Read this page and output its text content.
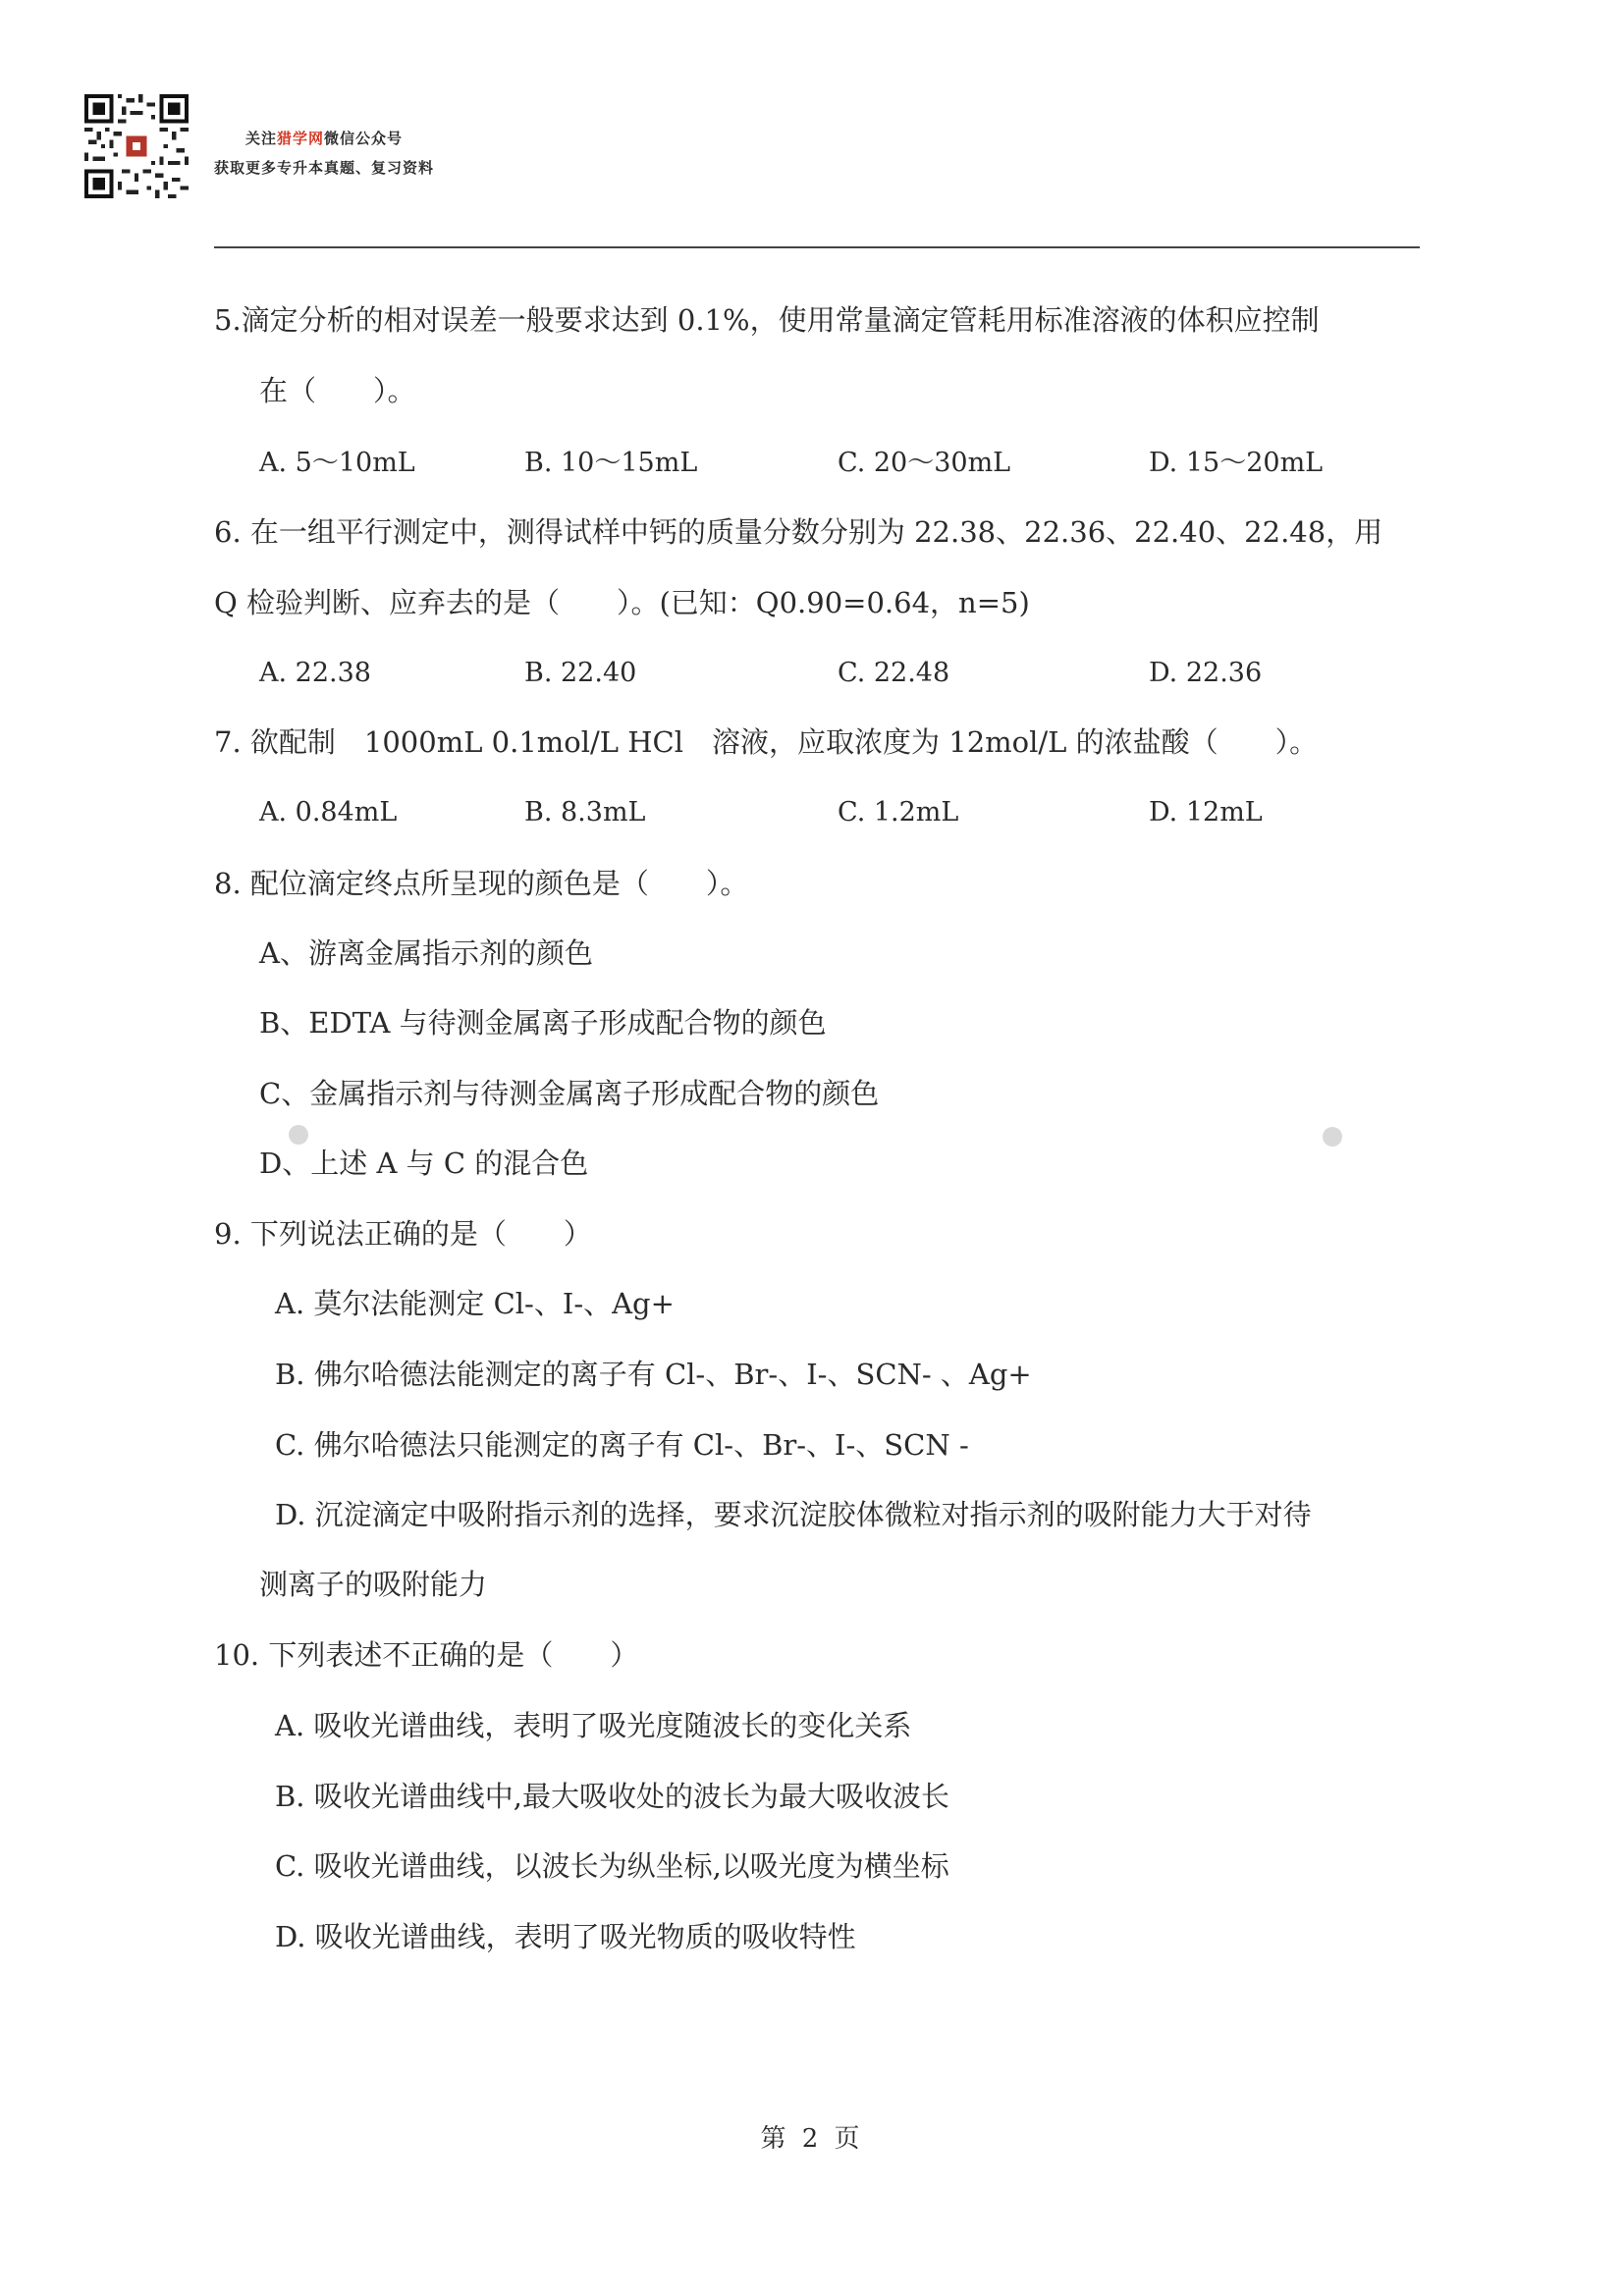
关注猎学网微信公众号
获取更多专升本真题、复习资料
5.滴定分析的相对误差一般要求达到 0.1%，使用常量滴定管耗用标准溶液的体积应控制
在（　　）。
A. 5～10mL	B. 10～15mL	C. 20～30mL	D. 15～20mL
6. 在一组平行测定中，测得试样中钙的质量分数分别为 22.38、22.36、22.40、22.48，用
Q 检验判断、应弃去的是（　　）。(已知：Q0.90=0.64，n=5)
A. 22.38	B. 22.40	C. 22.48	D. 22.36
7. 欲配制　1000mL 0.1mol/L HCl　溶液，应取浓度为 12mol/L 的浓盐酸（　　）。
A. 0.84mL	B. 8.3mL	C. 1.2mL	D. 12mL
8. 配位滴定终点所呈现的颜色是（　　）。
A、游离金属指示剂的颜色
B、EDTA 与待测金属离子形成配合物的颜色
C、金属指示剂与待测金属离子形成配合物的颜色
D、上述 A 与 C 的混合色
9. 下列说法正确的是（　　）
A. 莫尔法能测定 Cl-、I-、Ag+
B. 佛尔哈德法能测定的离子有 Cl-、Br-、I-、SCN- 、Ag+
C. 佛尔哈德法只能测定的离子有 Cl-、Br-、I-、SCN -
D. 沉淀滴定中吸附指示剂的选择，要求沉淀胶体微粒对指示剂的吸附能力大于对待
测离子的吸附能力
10. 下列表述不正确的是（　　）
A. 吸收光谱曲线，表明了吸光度随波长的变化关系
B. 吸收光谱曲线中,最大吸收处的波长为最大吸收波长
C. 吸收光谱曲线，以波长为纵坐标,以吸光度为横坐标
D. 吸收光谱曲线，表明了吸光物质的吸收特性
第 2 页
